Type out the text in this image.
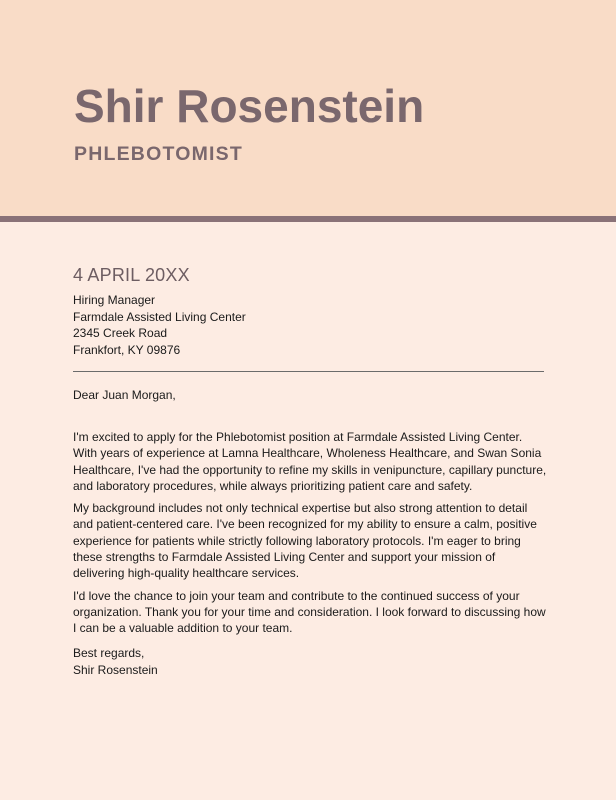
Shir Rosenstein
PHLEBOTOMIST
4 APRIL 20XX
Hiring Manager
Farmdale Assisted Living Center
2345 Creek Road
Frankfort, KY 09876
Dear Juan Morgan,

I'm excited to apply for the Phlebotomist position at Farmdale Assisted Living Center. With years of experience at Lamna Healthcare, Wholeness Healthcare, and Swan Sonia Healthcare, I've had the opportunity to refine my skills in venipuncture, capillary puncture, and laboratory procedures, while always prioritizing patient care and safety.

My background includes not only technical expertise but also strong attention to detail and patient-centered care. I've been recognized for my ability to ensure a calm, positive experience for patients while strictly following laboratory protocols. I'm eager to bring these strengths to Farmdale Assisted Living Center and support your mission of delivering high-quality healthcare services.

I'd love the chance to join your team and contribute to the continued success of your organization. Thank you for your time and consideration. I look forward to discussing how I can be a valuable addition to your team.

Best regards,
Shir Rosenstein
